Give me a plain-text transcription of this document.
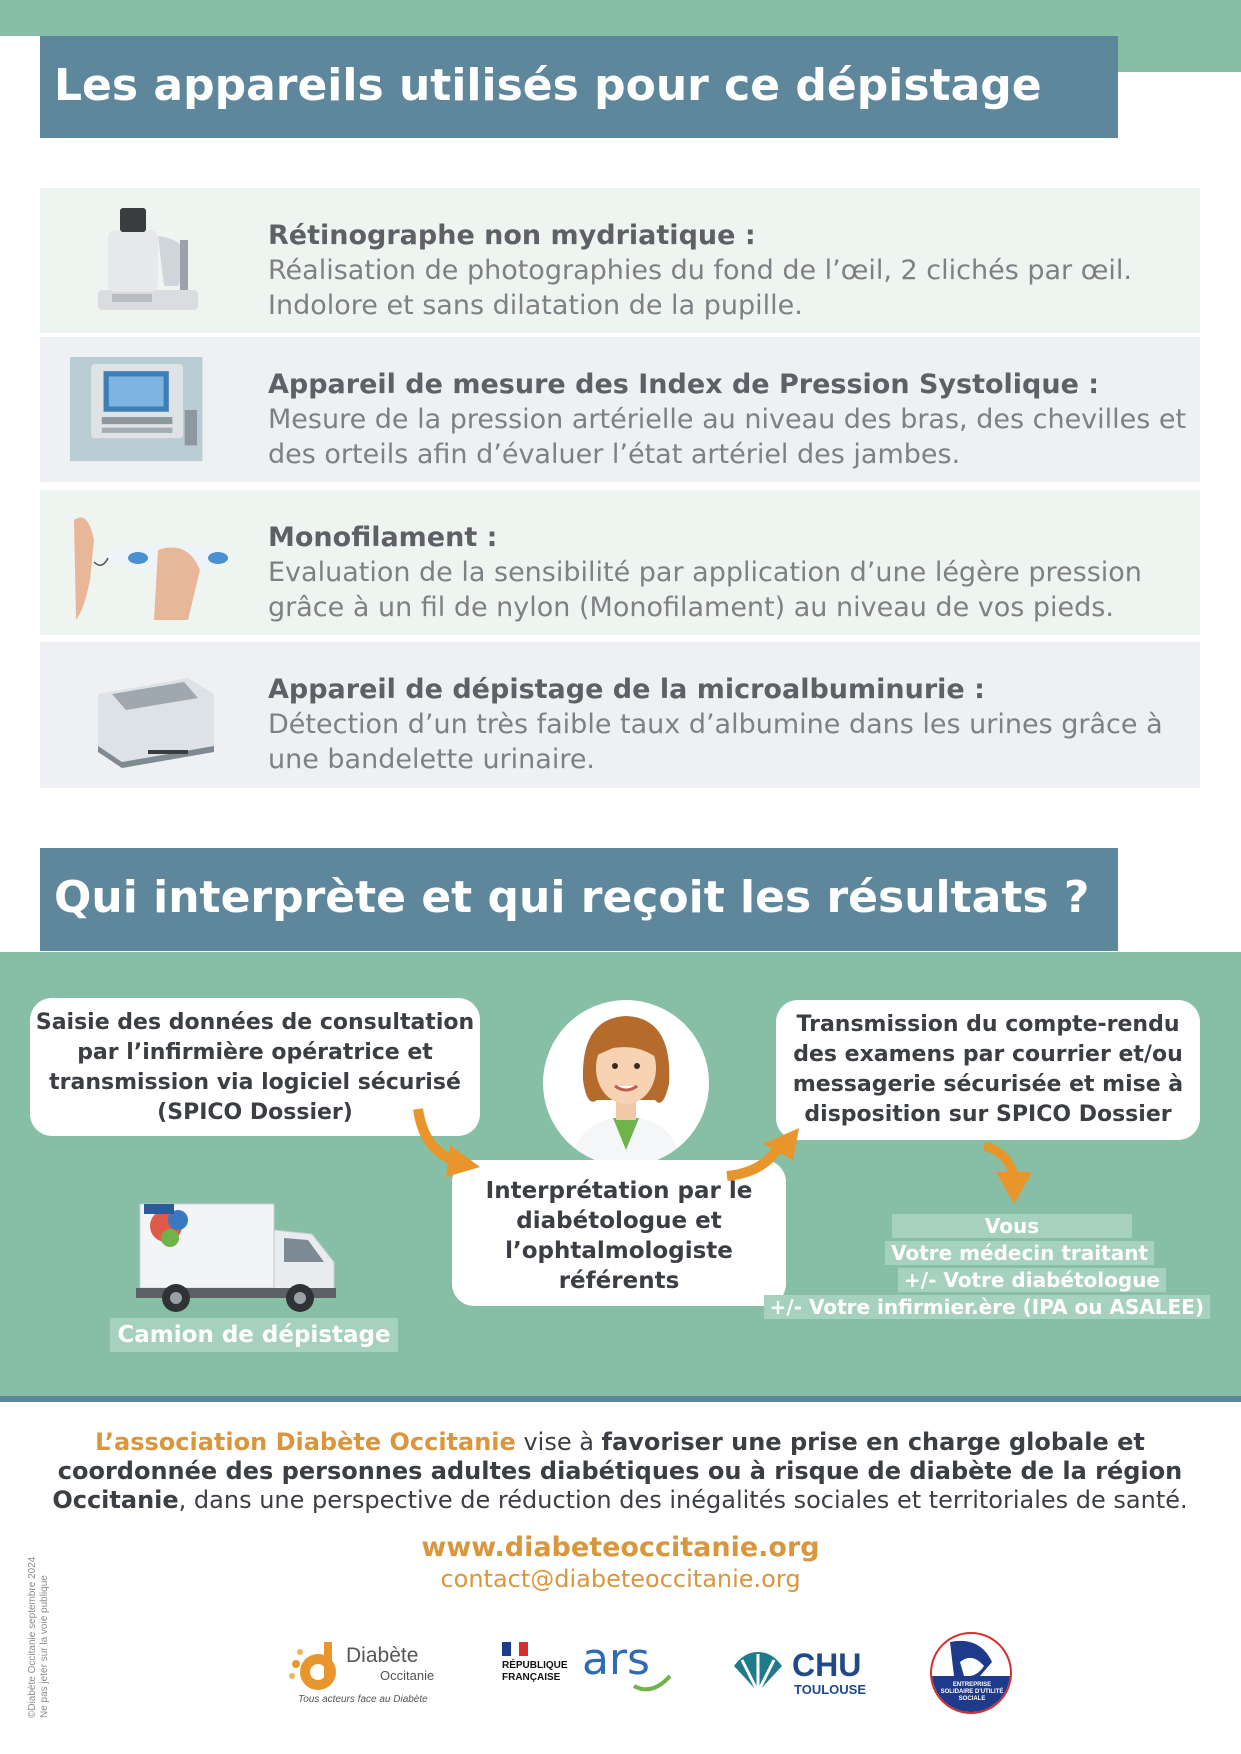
Les appareils utilisés pour ce dépistage
Rétinographe non mydriatique :
Réalisation de photographies du fond de l’œil, 2 clichés par œil. Indolore et sans dilatation de la pupille.
Appareil de mesure des Index de Pression Systolique :
Mesure de la pression artérielle au niveau des bras, des chevilles et des orteils afin d’évaluer l’état artériel des jambes.
Monofilament :
Evaluation de la sensibilité par application d’une légère pression grâce à un fil de nylon (Monofilament) au niveau de vos pieds.
Appareil de dépistage de la microalbuminurie :
Détection d’un très faible taux d’albumine dans les urines grâce à une bandelette urinaire.
Qui interprète et qui reçoit les résultats ?
Saisie des données de consultation par l’infirmière opératrice et transmission via logiciel sécurisé (SPICO Dossier)
Interprétation par le diabétologue et l’ophtalmologiste référents
Transmission du compte-rendu des examens par courrier et/ou messagerie sécurisée et mise à disposition sur SPICO Dossier
Vous
Votre médecin traitant
+/- Votre diabétologue
+/- Votre infirmier.ère (IPA ou ASALEE)
Camion de dépistage
L’association Diabète Occitanie vise à favoriser une prise en charge globale et coordonnée des personnes adultes diabétiques ou à risque de diabète de la région Occitanie, dans une perspective de réduction des inégalités sociales et territoriales de santé.
www.diabeteoccitanie.org
contact@diabeteoccitanie.org
©Diabète Occitanie septembre 2024 Ne pas jeter sur la voie publique	Diabète
Occitanie
Tous acteurs face au Diabète
RÉPUBLIQUE
FRANÇAISE ars	CHU
TOULOUSE	ENTREPRISE SOLIDAIRE D'UTILITÉ SOCIALE
